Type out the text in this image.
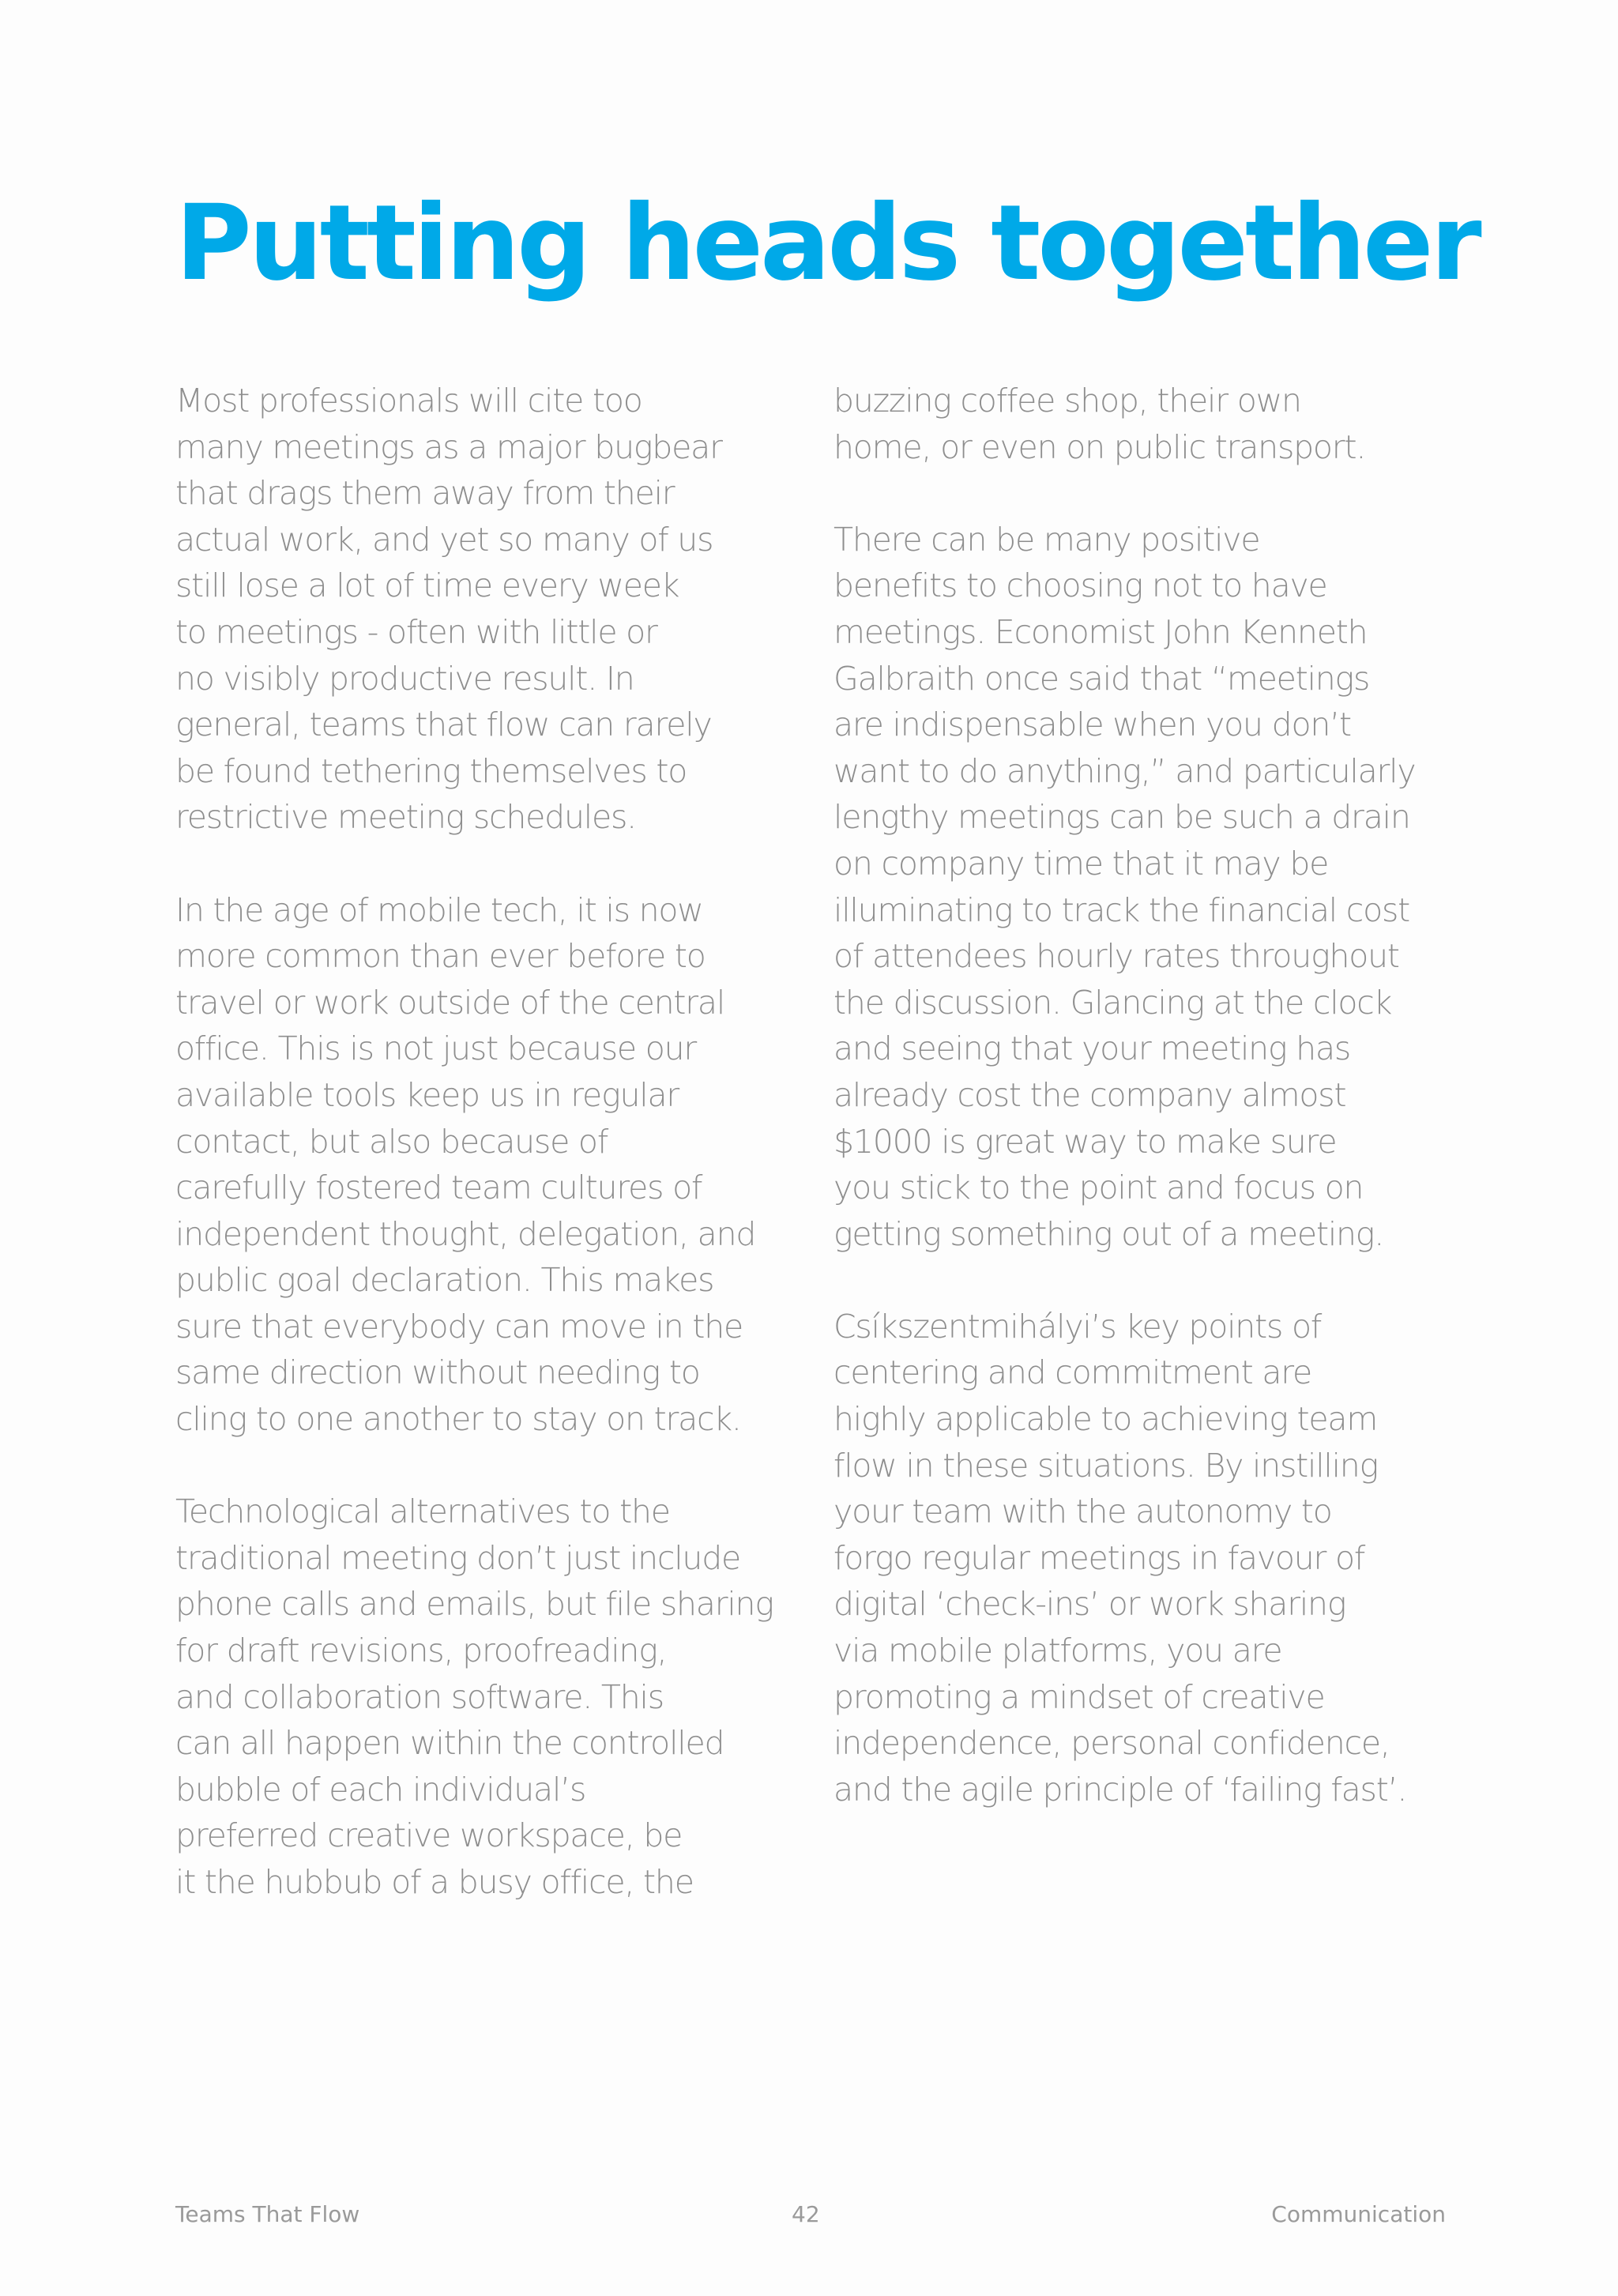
Putting heads together
Most professionals will cite too
many meetings as a major bugbear
that drags them away from their
actual work, and yet so many of us
still lose a lot of time every week
to meetings - often with little or
no visibly productive result. In
general, teams that flow can rarely
be found tethering themselves to
restrictive meeting schedules.
In the age of mobile tech, it is now
more common than ever before to
travel or work outside of the central
office. This is not just because our
available tools keep us in regular
contact, but also because of
carefully fostered team cultures of
independent thought, delegation, and
public goal declaration. This makes
sure that everybody can move in the
same direction without needing to
cling to one another to stay on track.
Technological alternatives to the
traditional meeting don’t just include
phone calls and emails, but file sharing
for draft revisions, proofreading,
and collaboration software. This
can all happen within the controlled
bubble of each individual’s
preferred creative workspace, be
it the hubbub of a busy office, the
buzzing coffee shop, their own
home, or even on public transport.
There can be many positive
benefits to choosing not to have
meetings. Economist John Kenneth
Galbraith once said that “meetings
are indispensable when you don’t
want to do anything,” and particularly
lengthy meetings can be such a drain
on company time that it may be
illuminating to track the financial cost
of attendees hourly rates throughout
the discussion. Glancing at the clock
and seeing that your meeting has
already cost the company almost
$1000 is great way to make sure
you stick to the point and focus on
getting something out of a meeting.
Csíkszentmihályi’s key points of
centering and commitment are
highly applicable to achieving team
flow in these situations. By instilling
your team with the autonomy to
forgo regular meetings in favour of
digital ‘check-ins’ or work sharing
via mobile platforms, you are
promoting a mindset of creative
independence, personal confidence,
and the agile principle of ‘failing fast’.
Teams That Flow	42	Communication
